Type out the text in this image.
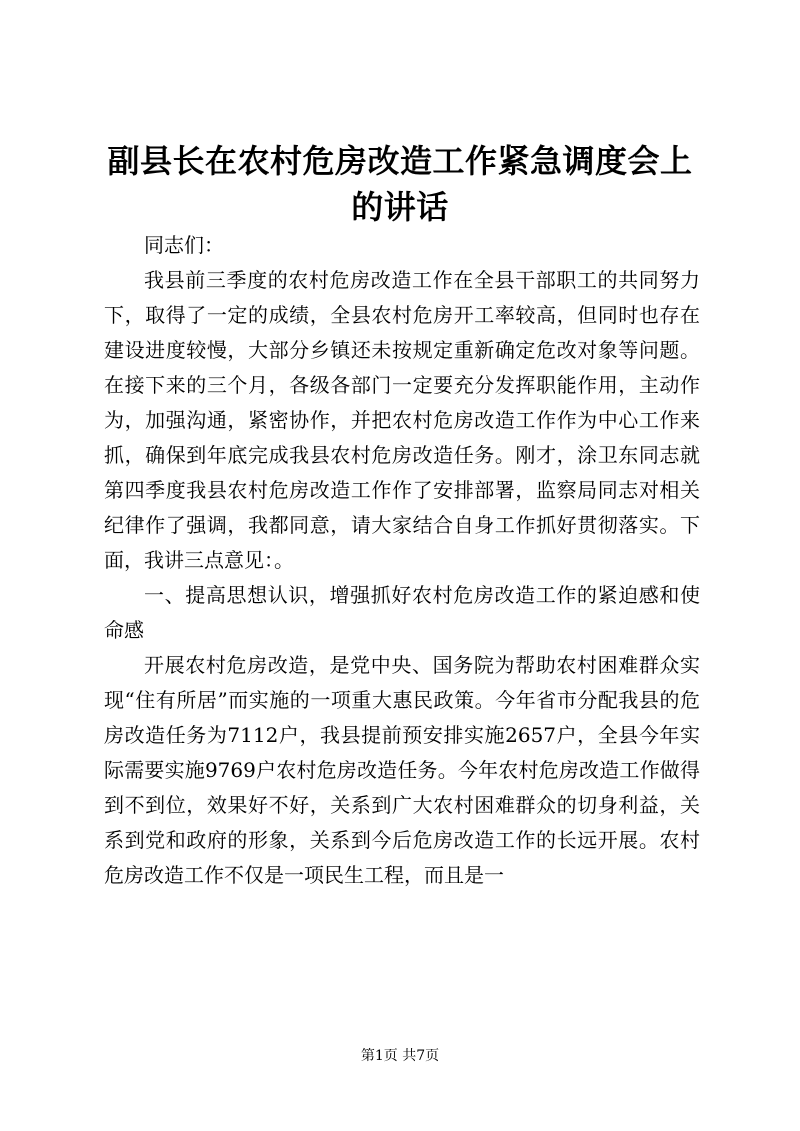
副县长在农村危房改造工作紧急调度会上的讲话

同志们：

我县前三季度的农村危房改造工作在全县干部职工的共同努力下，取得了一定的成绩，全县农村危房开工率较高，但同时也存在建设进度较慢，大部分乡镇还未按规定重新确定危改对象等问题。在接下来的三个月，各级各部门一定要充分发挥职能作用，主动作为，加强沟通，紧密协作，并把农村危房改造工作作为中心工作来抓，确保到年底完成我县农村危房改造任务。刚才，涂卫东同志就第四季度我县农村危房改造工作作了安排部署，监察局同志对相关纪律作了强调，我都同意，请大家结合自身工作抓好贯彻落实。下面，我讲三点意见：。

一、提高思想认识，增强抓好农村危房改造工作的紧迫感和使命感

开展农村危房改造，是党中央、国务院为帮助农村困难群众实现“住有所居”而实施的一项重大惠民政策。今年省市分配我县的危房改造任务为7112户，我县提前预安排实施2657户，全县今年实际需要实施9769户农村危房改造任务。今年农村危房改造工作做得到不到位，效果好不好，关系到广大农村困难群众的切身利益，关系到党和政府的形象，关系到今后危房改造工作的长远开展。农村危房改造工作不仅是一项民生工程，而且是一

第1页 共7页
